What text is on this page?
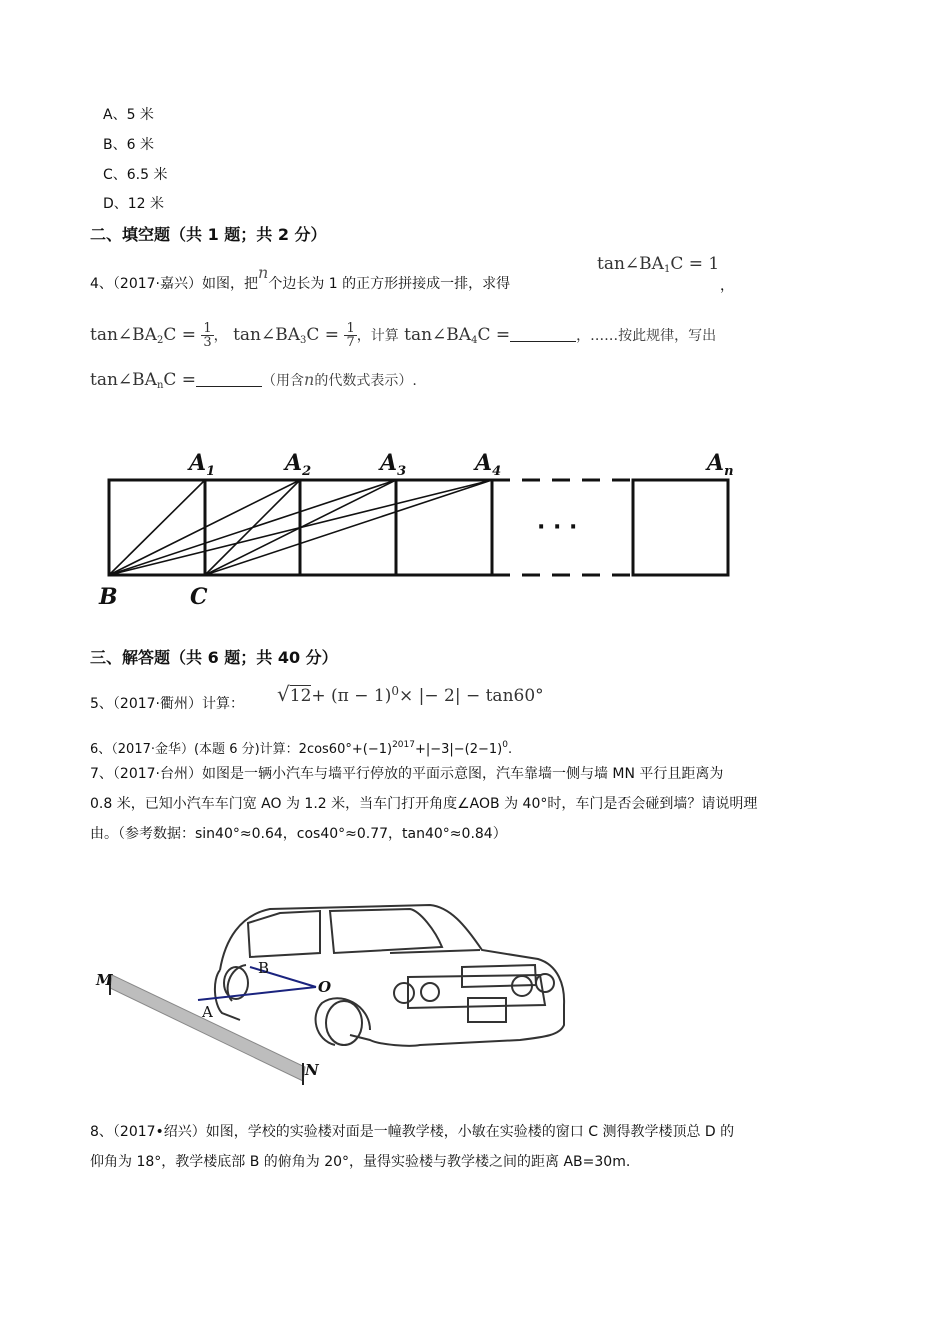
A、5 米
B、6 米
C、6.5 米
D、12 米
二、填空题（共 1 题；共 2 分）
4、（2017·嘉兴）如图，把n个边长为 1 的正方形拼接成一排，求得
$\tan\angle BA_1C = 1$
，
$\tan\angle BA_2C = \frac{1}{3}$ ， $\tan\angle BA_3C = \frac{1}{7}$ ，计算 $\tan\angle BA_4C$ =	，……按此规律，写出
$\tan\angle BA_nC$ =	（用含n的代数式表示）.
$A_1$	$A_2$	$A_3$	$A_4$	$A_n$
B	C
· · ·
三、解答题（共 6 题；共 40 分）
5、（2017·衢州）计算： $√12+ (\pi - 1)^0\times$ |− 2| − tan60°
6、（2017·金华）(本题 6 分)计算：$2\cos 60^\circ+(-1)^{2017}+|-3|-(2-1)^0$.
7、（2017·台州）如图是一辆小汽车与墙平行停放的平面示意图，汽车靠墙一侧与墙 MN 平行且距离为
0.8 米，已知小汽车车门宽 AO 为 1.2 米，当车门打开角度∠AOB 为 40°时，车门是否会碰到墙？请说明理
由。（参考数据：sin40°≈0.64，cos40°≈0.77，tan40°≈0.84）
M
N
A
B
O
8、（2017•绍兴）如图，学校的实验楼对面是一幢教学楼，小敏在实验楼的窗口 C 测得教学楼顶总 D 的
仰角为 18°，教学楼底部 B 的俯角为 20°，量得实验楼与教学楼之间的距离 AB=30m.
